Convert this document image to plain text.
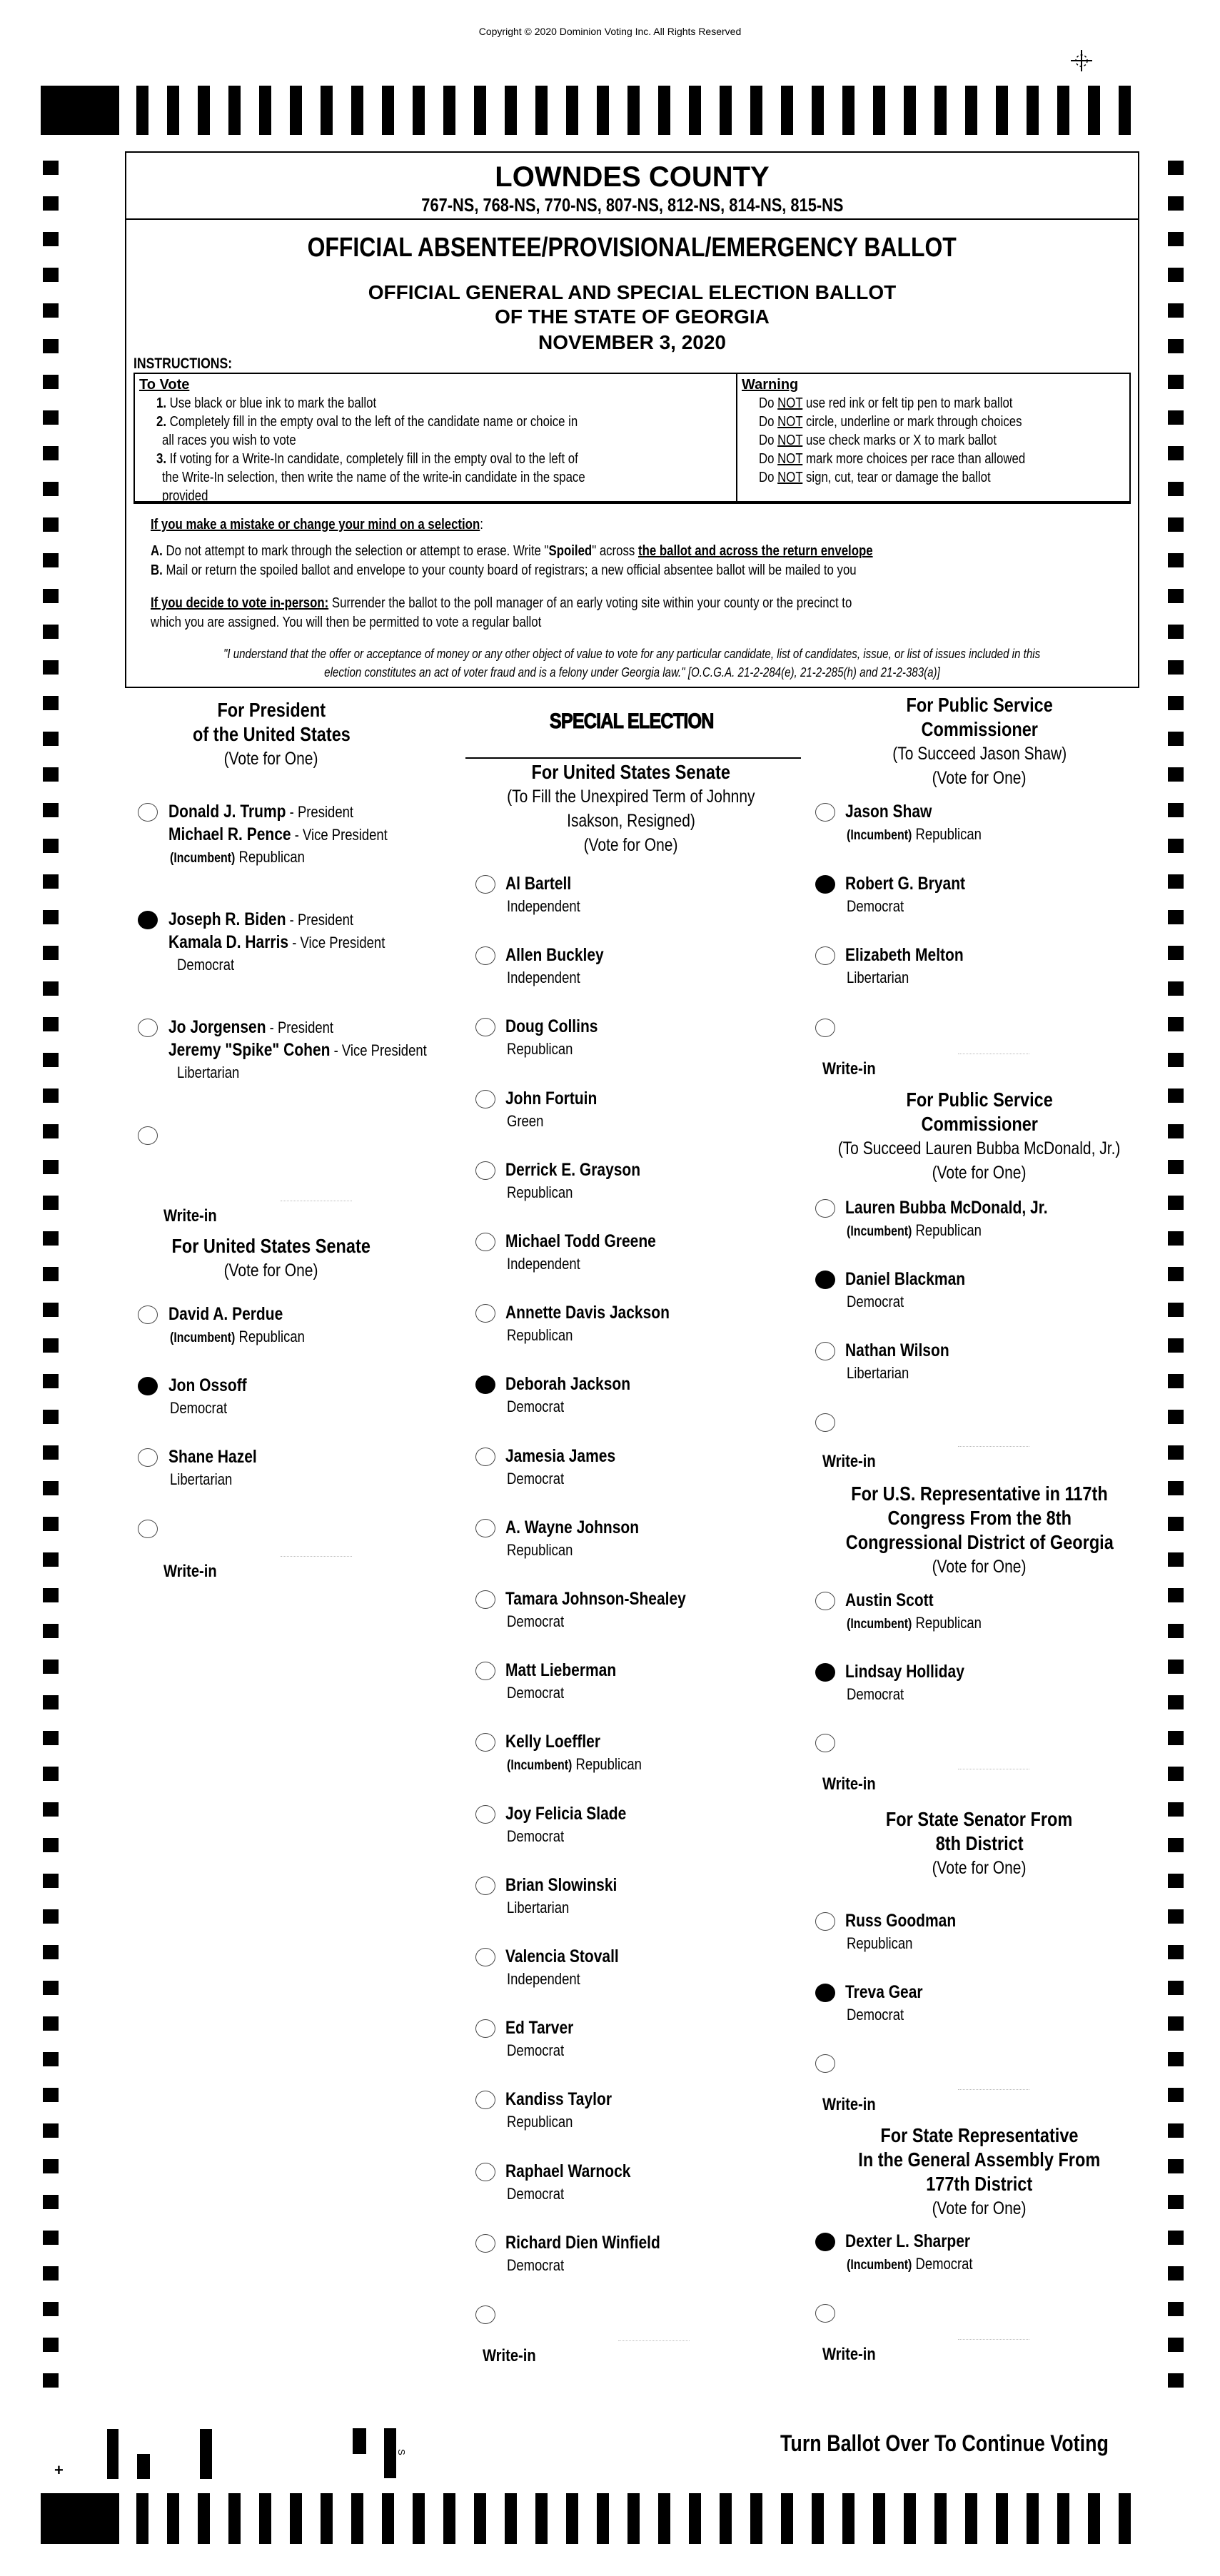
Copyright © 2020 Dominion Voting Inc. All Rights Reserved
LOWNDES COUNTY
767-NS, 768-NS, 770-NS, 807-NS, 812-NS, 814-NS, 815-NS
OFFICIAL ABSENTEE/PROVISIONAL/EMERGENCY BALLOT
OFFICIAL GENERAL AND SPECIAL ELECTION BALLOT
OF THE STATE OF GEORGIA
NOVEMBER 3, 2020
INSTRUCTIONS:
To Vote
1. Use black or blue ink to mark the ballot
2. Completely fill in the empty oval to the left of the candidate name or choice in
all races you wish to vote
3. If voting for a Write-In candidate, completely fill in the empty oval to the left of
the Write-In selection, then write the name of the write-in candidate in the space
provided
Warning
Do NOT use red ink or felt tip pen to mark ballot
Do NOT circle, underline or mark through choices
Do NOT use check marks or X to mark ballot
Do NOT mark more choices per race than allowed
Do NOT sign, cut, tear or damage the ballot
If you make a mistake or change your mind on a selection:
A. Do not attempt to mark through the selection or attempt to erase. Write "Spoiled" across the ballot and across the return envelope
B. Mail or return the spoiled ballot and envelope to your county board of registrars; a new official absentee ballot will be mailed to you
If you decide to vote in-person: Surrender the ballot to the poll manager of an early voting site within your county or the precinct to
which you are assigned. You will then be permitted to vote a regular ballot
"I understand that the offer or acceptance of money or any other object of value to vote for any particular candidate, list of candidates, issue, or list of issues included in this
election constitutes an act of voter fraud and is a felony under Georgia law." [O.C.G.A. 21-2-284(e), 21-2-285(h) and 21-2-383(a)]
SPECIAL ELECTION
For President
of the United States
(Vote for One)
Donald J. Trump - President
Michael R. Pence - Vice President
(Incumbent) Republican
Joseph R. Biden - President
Kamala D. Harris - Vice President
Democrat
Jo Jorgensen - President
Jeremy "Spike" Cohen - Vice President
Libertarian
Write-in
For United States Senate
(Vote for One)
David A. Perdue
(Incumbent) Republican
Jon Ossoff
Democrat
Shane Hazel
Libertarian
Write-in
For United States Senate
(To Fill the Unexpired Term of Johnny
Isakson, Resigned)
(Vote for One)
Al Bartell
Independent
Allen Buckley
Independent
Doug Collins
Republican
John Fortuin
Green
Derrick E. Grayson
Republican
Michael Todd Greene
Independent
Annette Davis Jackson
Republican
Deborah Jackson
Democrat
Jamesia James
Democrat
A. Wayne Johnson
Republican
Tamara Johnson-Shealey
Democrat
Matt Lieberman
Democrat
Kelly Loeffler
(Incumbent) Republican
Joy Felicia Slade
Democrat
Brian Slowinski
Libertarian
Valencia Stovall
Independent
Ed Tarver
Democrat
Kandiss Taylor
Republican
Raphael Warnock
Democrat
Richard Dien Winfield
Democrat
Write-in
For Public Service
Commissioner
(To Succeed Jason Shaw)
(Vote for One)
Jason Shaw
(Incumbent) Republican
Robert G. Bryant
Democrat
Elizabeth Melton
Libertarian
Write-in
For Public Service
Commissioner
(To Succeed Lauren Bubba McDonald, Jr.)
(Vote for One)
Lauren Bubba McDonald, Jr.
(Incumbent) Republican
Daniel Blackman
Democrat
Nathan Wilson
Libertarian
Write-in
For U.S. Representative in 117th
Congress From the 8th
Congressional District of Georgia
(Vote for One)
Austin Scott
(Incumbent) Republican
Lindsay Holliday
Democrat
Write-in
For State Senator From
8th District
(Vote for One)
Russ Goodman
Republican
Treva Gear
Democrat
Write-in
For State Representative
In the General Assembly From
177th District
(Vote for One)
Dexter L. Sharper
(Incumbent) Democrat
Write-in
+
S	Turn Ballot Over To Continue Voting
